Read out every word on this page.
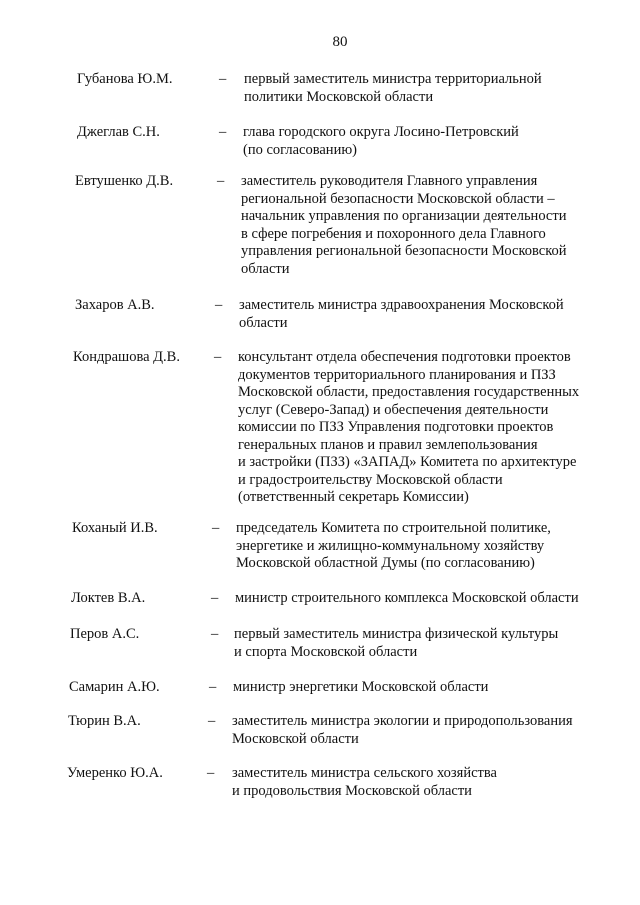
80
Губанова Ю.М.	– первый заместитель министра территориальной
политики Московской области
Джеглав С.Н.	– глава городского округа Лосино-Петровский
(по согласованию)
Евтушенко Д.В.	– заместитель руководителя Главного управления
региональной безопасности Московской области –
начальник управления по организации деятельности
в сфере погребения и похоронного дела Главного
управления региональной безопасности Московской
области
Захаров А.В.	– заместитель министра здравоохранения Московской
области
Кондрашова Д.В. – консультант отдела обеспечения подготовки проектов
документов территориального планирования и ПЗЗ
Московской области, предоставления государственных
услуг (Северо-Запад) и обеспечения деятельности
комиссии по ПЗЗ Управления подготовки проектов
генеральных планов и правил землепользования
и застройки (ПЗЗ) «ЗАПАД» Комитета по архитектуре
и градостроительству Московской области
(ответственный секретарь Комиссии)
Коханый И.В.	– председатель Комитета по строительной политике,
энергетике и жилищно-коммунальному хозяйству
Московской областной Думы (по согласованию)
Локтев В.А.	– министр строительного комплекса Московской области
Перов А.С.	– первый заместитель министра физической культуры
и спорта Московской области
Самарин А.Ю.	– министр энергетики Московской области
Тюрин В.А.	– заместитель министра экологии и природопользования
Московской области
Умеренко Ю.А.	– заместитель министра сельского хозяйства
и продовольствия Московской области
